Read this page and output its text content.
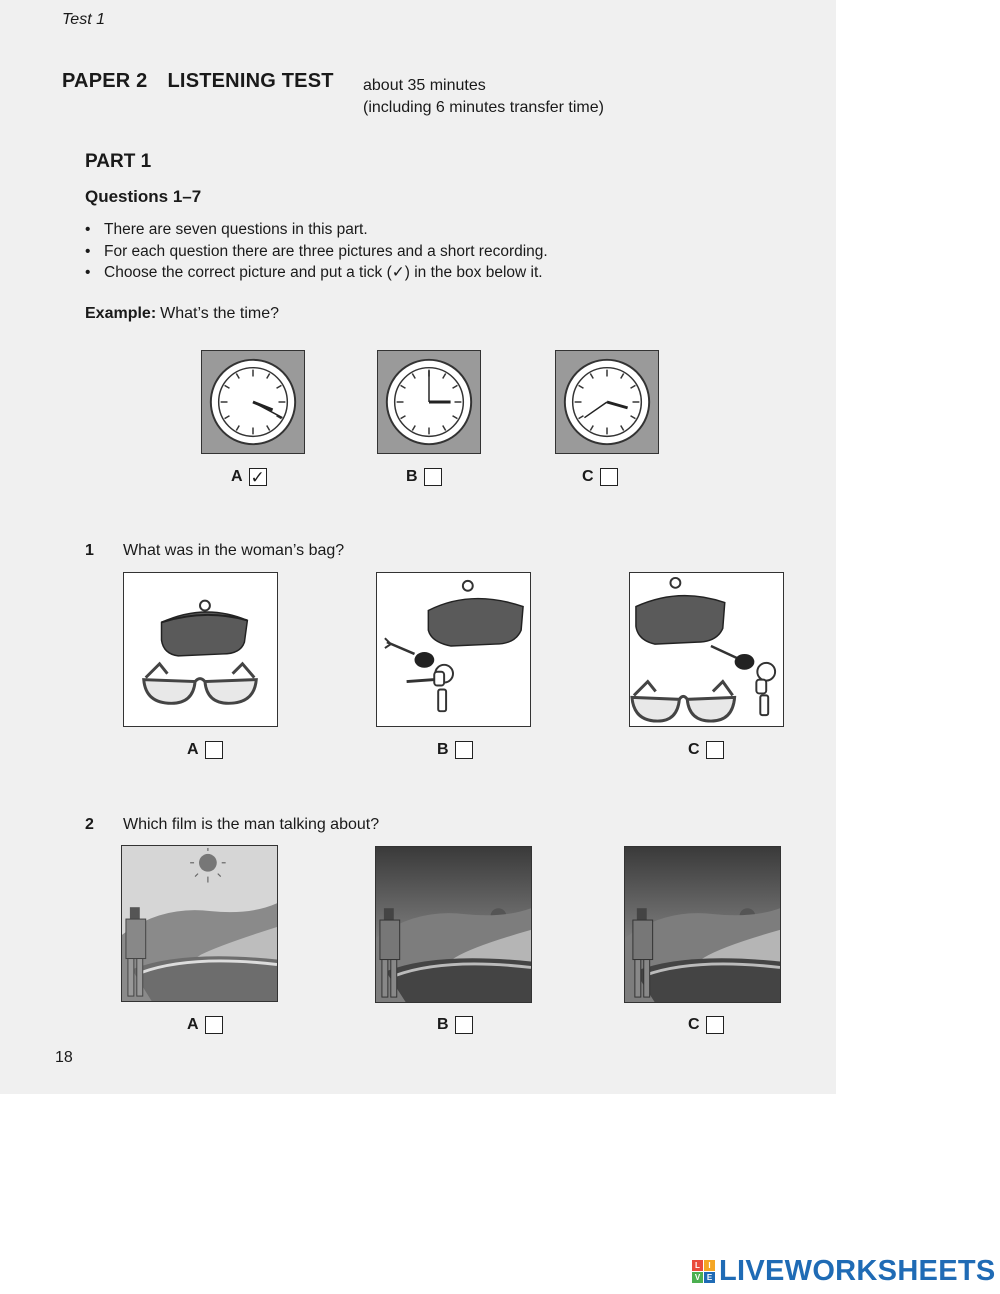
Test 1
PAPER 2 LISTENING TEST about 35 minutes
(including 6 minutes transfer time)
PART 1
Questions 1–7
• There are seven questions in this part.
• For each question there are three pictures and a short recording.
• Choose the correct picture and put a tick (✓) in the box below it.
Example: What’s the time?
A ✓	B	C
1 What was in the woman’s bag?
A	B	C
2 Which film is the man talking about?
A	B	C
18
L	I
V E LIVEWORKSHEETS
